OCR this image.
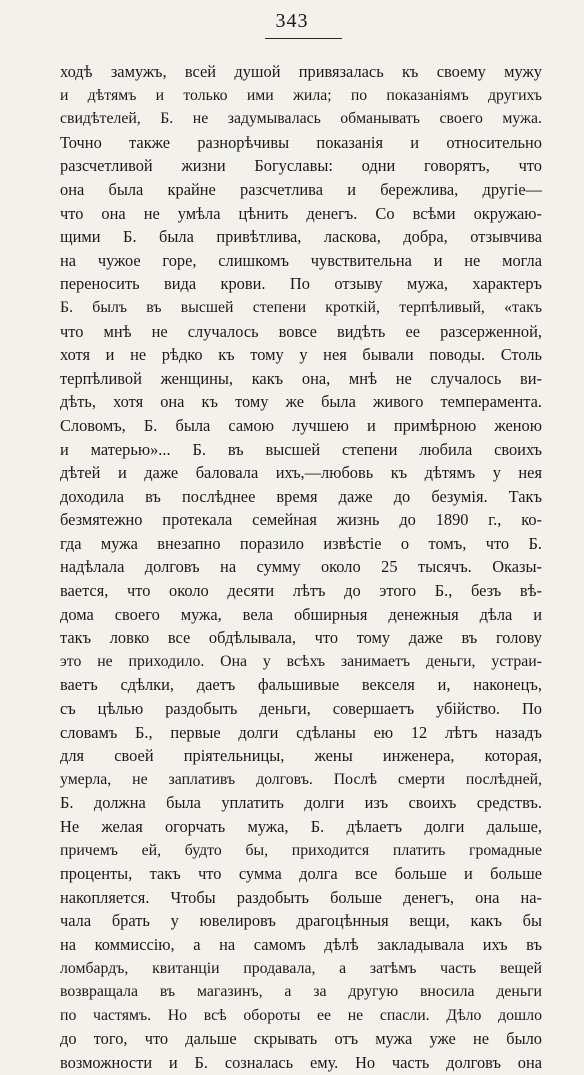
343
ходѣ замужъ, всей душой привязалась къ своему мужу
и дѣтямъ и только ими жила; по показаніямъ другихъ
свидѣтелей, Б. не задумывалась обманывать своего мужа.
Точно также разнорѣчивы показанія и относительно
разсчетливой жизни Богуславы: одни говорятъ, что
она была крайне разсчетлива и бережлива, другіе—
что она не умѣла цѣнить денегъ. Со всѣми окружаю-
щими Б. была привѣтлива, ласкова, добра, отзывчива
на чужое горе, слишкомъ чувствительна и не могла
переносить вида крови. По отзыву мужа, характеръ
Б. былъ въ высшей степени кроткій, терпѣливый, «такъ
что мнѣ не случалось вовсе видѣть ее разсерженной,
хотя и не рѣдко къ тому у нея бывали поводы. Столь
терпѣливой женщины, какъ она, мнѣ не случалось ви-
дѣть, хотя она къ тому же была живого темперамента.
Словомъ, Б. была самою лучшею и примѣрною женою
и матерью»... Б. въ высшей степени любила своихъ
дѣтей и даже баловала ихъ,—любовь къ дѣтямъ у нея
доходила въ послѣднее время даже до безумія. Такъ
безмятежно протекала семейная жизнь до 1890 г., ко-
гда мужа внезапно поразило извѣстіе о томъ, что Б.
надѣлала долговъ на сумму около 25 тысячъ. Оказы-
вается, что около десяти лѣтъ до этого Б., безъ вѣ-
дома своего мужа, вела обширныя денежныя дѣла и
такъ ловко все обдѣлывала, что тому даже въ голову
это не приходило. Она у всѣхъ занимаетъ деньги, устраи-
ваетъ сдѣлки, даетъ фальшивые векселя и, наконецъ,
съ цѣлью раздобыть деньги, совершаетъ убійство. По
словамъ Б., первые долги сдѣланы ею 12 лѣтъ назадъ
для своей пріятельницы, жены инженера, которая,
умерла, не заплативъ долговъ. Послѣ смерти послѣдней,
Б. должна была уплатить долги изъ своихъ средствъ.
Не желая огорчать мужа, Б. дѣлаетъ долги дальше,
причемъ ей, будто бы, приходится платить громадные
проценты, такъ что сумма долга все больше и больше
накопляется. Чтобы раздобыть больше денегъ, она на-
чала брать у ювелировъ драгоцѣнныя вещи, какъ бы
на коммиссію, а на самомъ дѣлѣ закладывала ихъ въ
ломбардъ, квитанціи продавала, а затѣмъ часть вещей
возвращала въ магазинъ, а за другую вносила деньги
по частямъ. Но всѣ обороты ее не спасли. Дѣло дошло
до того, что дальше скрывать отъ мужа уже не было
возможности и Б. созналась ему. Но часть долговъ она
